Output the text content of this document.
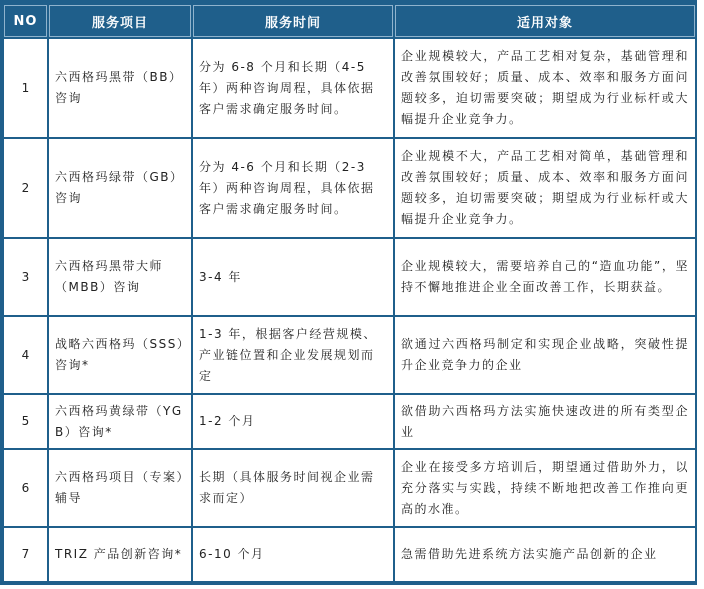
NO	服务项目	服务时间	适用对象
1	六西格玛黑带（BB）咨询	分为 6-8 个月和长期（4-5 年）两种咨询周程，具体依据客户需求确定服务时间。	企业规模较大，产品工艺相对复杂，基础管理和改善氛围较好；质量、成本、效率和服务方面问题较多，迫切需要突破；期望成为行业标杆或大幅提升企业竞争力。
2	六西格玛绿带（GB）咨询	分为 4-6 个月和长期（2-3 年）两种咨询周程，具体依据客户需求确定服务时间。	企业规模不大，产品工艺相对简单，基础管理和改善氛围较好；质量、成本、效率和服务方面问题较多，迫切需要突破；期望成为行业标杆或大幅提升企业竞争力。
3	六西格玛黑带大师（MBB）咨询	3-4 年	企业规模较大，需要培养自己的“造血功能”，坚持不懈地推进企业全面改善工作，长期获益。
4	战略六西格玛（SSS）咨询*	1-3 年，根据客户经营规模、产业链位置和企业发展规划而定	欲通过六西格玛制定和实现企业战略，突破性提升企业竞争力的企业
5	六西格玛黄绿带（YGB）咨询*	1-2 个月	欲借助六西格玛方法实施快速改进的所有类型企业
6	六西格玛项目（专案）辅导	长期（具体服务时间视企业需求而定）	企业在接受多方培训后，期望通过借助外力，以充分落实与实践，持续不断地把改善工作推向更高的水准。
7	TRIZ 产品创新咨询*	6-10 个月	急需借助先进系统方法实施产品创新的企业
